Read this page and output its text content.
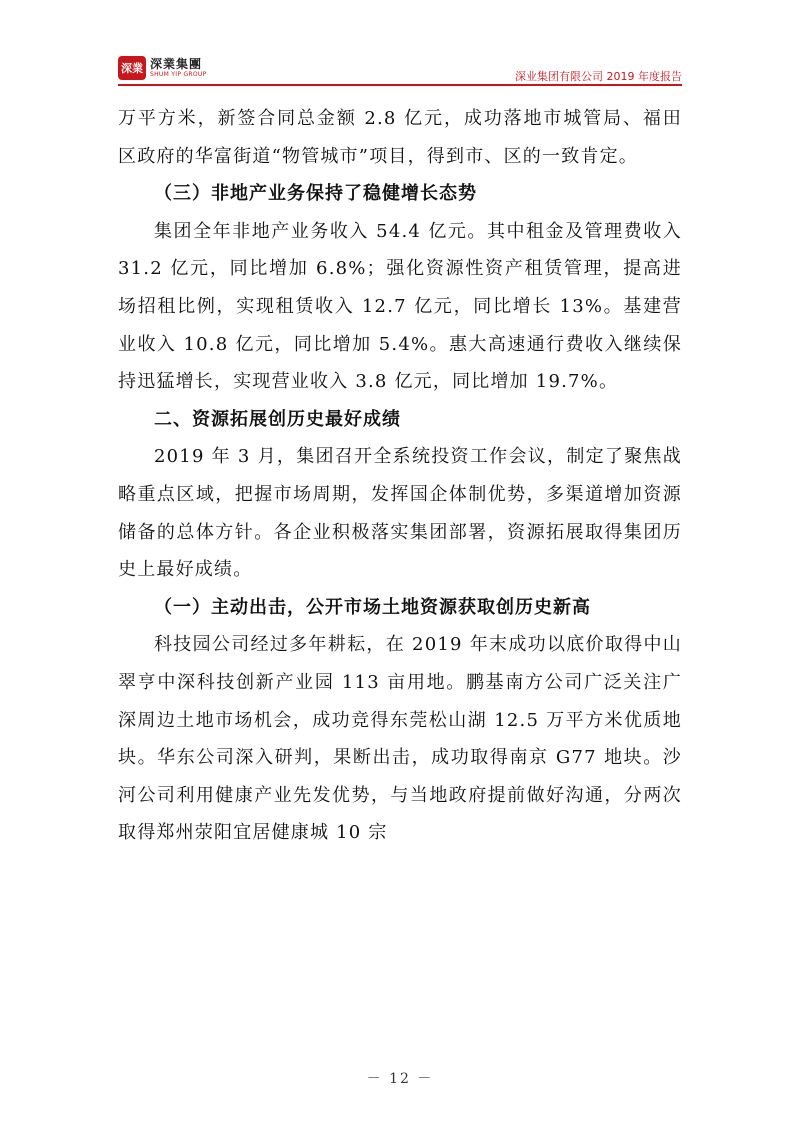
深業 深業集團
SHUM YIP GROUP	深业集团有限公司 2019 年度报告

万平方米，新签合同总金额 2.8 亿元，成功落地市城管局、福田区政府的华富街道“物管城市”项目，得到市、区的一致肯定。

（三）非地产业务保持了稳健增长态势

集团全年非地产业务收入 54.4 亿元。其中租金及管理费收入 31.2 亿元，同比增加 6.8%；强化资源性资产租赁管理，提高进场招租比例，实现租赁收入 12.7 亿元，同比增长 13%。基建营业收入 10.8 亿元，同比增加 5.4%。惠大高速通行费收入继续保持迅猛增长，实现营业收入 3.8 亿元，同比增加 19.7%。

二、资源拓展创历史最好成绩

2019 年 3 月，集团召开全系统投资工作会议，制定了聚焦战略重点区域，把握市场周期，发挥国企体制优势，多渠道增加资源储备的总体方针。各企业积极落实集团部署，资源拓展取得集团历史上最好成绩。

（一）主动出击，公开市场土地资源获取创历史新高

科技园公司经过多年耕耘，在 2019 年末成功以底价取得中山翠亨中深科技创新产业园 113 亩用地。鹏基南方公司广泛关注广深周边土地市场机会，成功竞得东莞松山湖 12.5 万平方米优质地块。华东公司深入研判，果断出击，成功取得南京 G77 地块。沙河公司利用健康产业先发优势，与当地政府提前做好沟通，分两次取得郑州荥阳宜居健康城 10 宗

－ 12 －
